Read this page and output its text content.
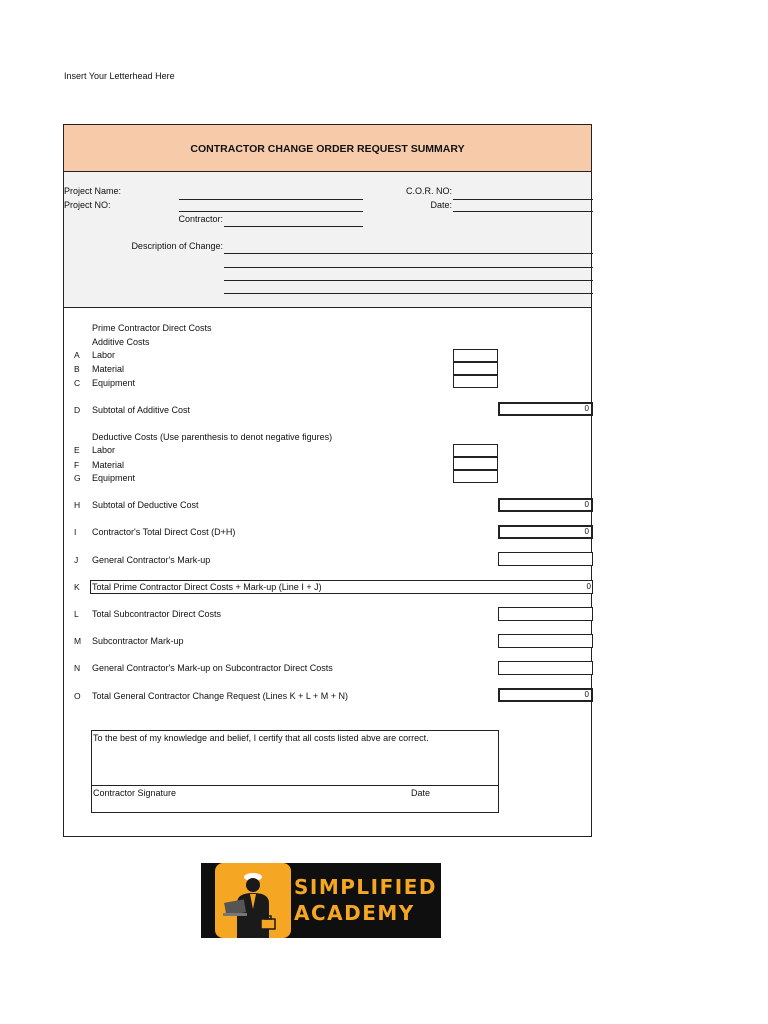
Insert Your Letterhead Here
CONTRACTOR CHANGE ORDER REQUEST SUMMARY
Project Name:
Project NO:
C.O.R. NO:
Date:
Contractor:
Description of Change:
Prime Contractor Direct Costs
Additive Costs
A	Labor
B	Material
C	Equipment
D	Subtotal of Additive Cost	0
Deductive Costs (Use parenthesis to denot negative figures)
E	Labor
F	Material
G	Equipment
H	Subtotal of Deductive Cost	0
I	Contractor's Total Direct Cost (D+H)	0
J	General Contractor's Mark-up
K	Total Prime Contractor Direct Costs + Mark-up (Line I + J)	0
L	Total Subcontractor Direct Costs
M	Subcontractor Mark-up
N	General Contractor's Mark-up on Subcontractor Direct Costs
O	Total General Contractor Change Request (Lines K + L + M + N)	0
To the best of my knowledge and belief, I certify that all costs listed abve are correct.
Contractor Signature	Date
SIMPLIFIED
ACADEMY
